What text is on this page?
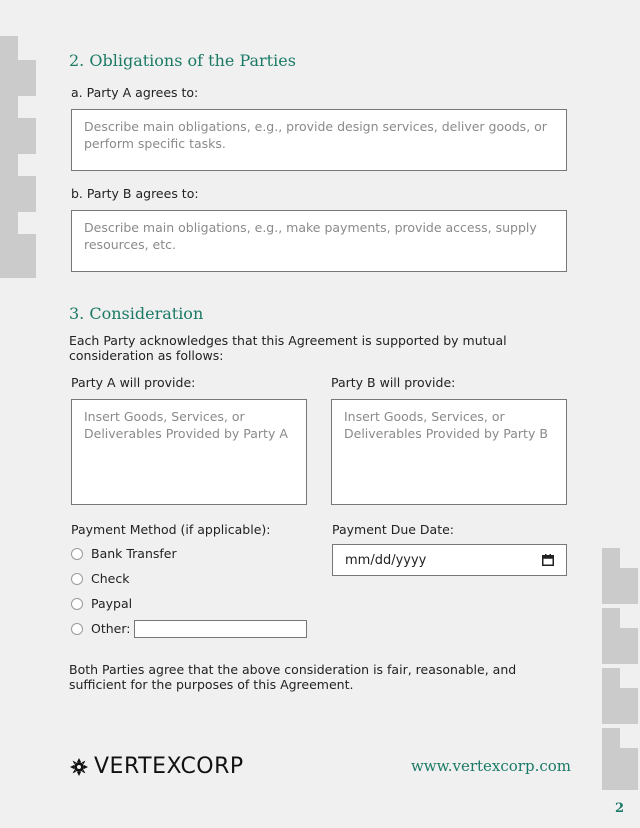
2. Obligations of the Parties
a. Party A agrees to:
Describe main obligations, e.g., provide design services, deliver goods, or perform specific tasks.
b. Party B agrees to:
Describe main obligations, e.g., make payments, provide access, supply resources, etc.
3. Consideration

Each Party acknowledges that this Agreement is supported by mutual consideration as follows:

Party A will provide:
Insert Goods, Services, or Deliverables Provided by Party A
Party B will provide:
Insert Goods, Services, or Deliverables Provided by Party B
Payment Method (if applicable):
Bank Transfer
Check
Paypal
Other:
Payment Due Date:
mm/dd/yyyy

Both Parties agree that the above consideration is fair, reasonable, and sufficient for the purposes of this Agreement.

VERTEXCORP	www.vertexcorp.com
2
